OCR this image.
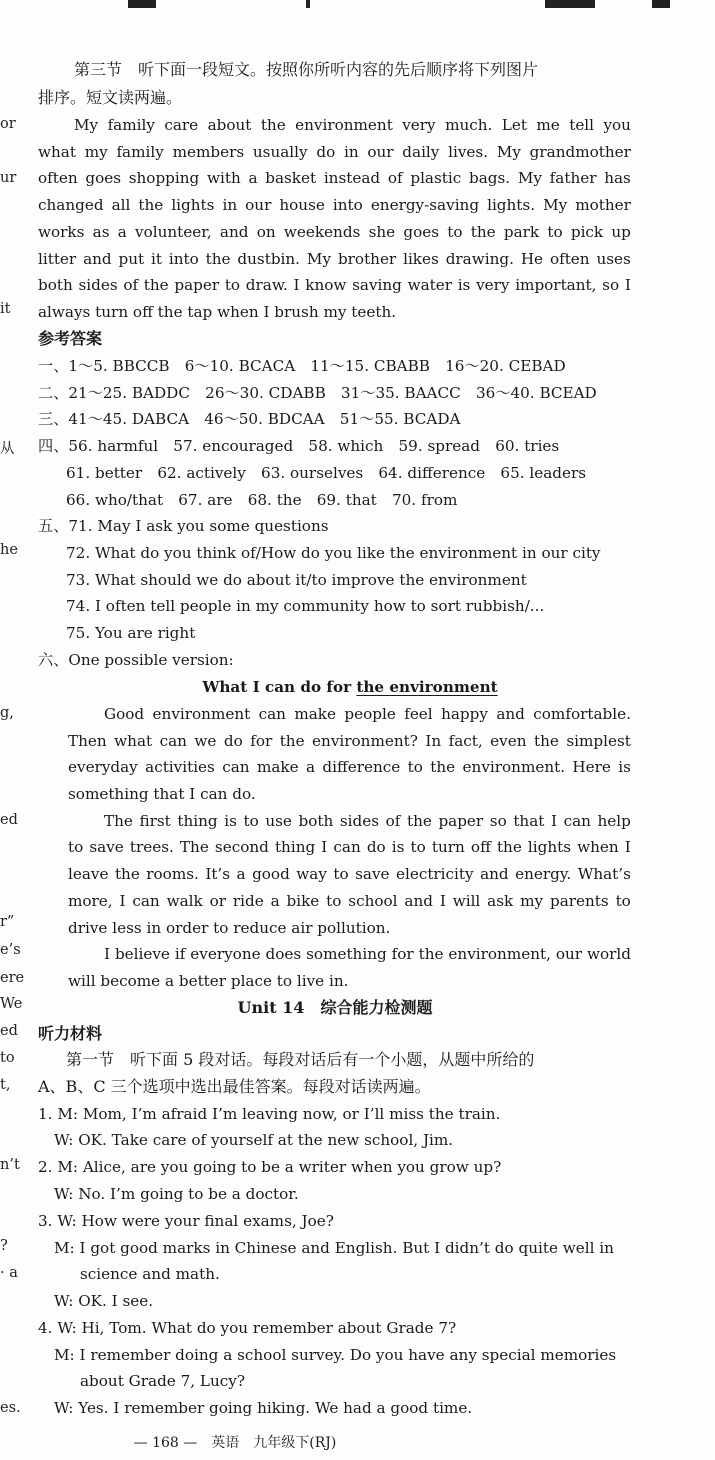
or
ur
it
从
he
g,
ed
r”
e’s
ere
We
ed
to
t,
n’t
?
· a
es.
第三节　听下面一段短文。按照你所听内容的先后顺序将下列图片
排序。短文读两遍。
My family care about the environment very much. Let me tell you
what my family members usually do in our daily lives. My grandmother
often goes shopping with a basket instead of plastic bags. My father has
changed all the lights in our house into energy-saving lights. My mother
works as a volunteer, and on weekends she goes to the park to pick up
litter and put it into the dustbin. My brother likes drawing. He often uses
both sides of the paper to draw. I know saving water is very important, so I
always turn off the tap when I brush my teeth.
参考答案
一、1～5. BBCCB　6～10. BCACA　11～15. CBABB　16～20. CEBAD
二、21～25. BADDC　26～30. CDABB　31～35. BAACC　36～40. BCEAD
三、41～45. DABCA　46～50. BDCAA　51～55. BCADA
四、56. harmful　57. encouraged　58. which　59. spread　60. tries
61. better　62. actively　63. ourselves　64. difference　65. leaders
66. who/that　67. are　68. the　69. that　70. from
五、71. May I ask you some questions
72. What do you think of/How do you like the environment in our city
73. What should we do about it/to improve the environment
74. I often tell people in my community how to sort rubbish/...
75. You are right
六、One possible version:
What I can do for the environment
Good environment can make people feel happy and comfortable.
Then what can we do for the environment? In fact, even the simplest
everyday activities can make a difference to the environment. Here is
something that I can do.
The first thing is to use both sides of the paper so that I can help
to save trees. The second thing I can do is to turn off the lights when I
leave the rooms. It’s a good way to save electricity and energy. What’s
more, I can walk or ride a bike to school and I will ask my parents to
drive less in order to reduce air pollution.
I believe if everyone does something for the environment, our world
will become a better place to live in.
Unit 14　综合能力检测题
听力材料
第一节　听下面 5 段对话。每段对话后有一个小题，从题中所给的
A、B、C 三个选项中选出最佳答案。每段对话读两遍。
1. M: Mom, I’m afraid I’m leaving now, or I’ll miss the train.
W: OK. Take care of yourself at the new school, Jim.
2. M: Alice, are you going to be a writer when you grow up?
W: No. I’m going to be a doctor.
3. W: How were your final exams, Joe?
M: I got good marks in Chinese and English. But I didn’t do quite well in
science and math.
W: OK. I see.
4. W: Hi, Tom. What do you remember about Grade 7?
M: I remember doing a school survey. Do you have any special memories
about Grade 7, Lucy?
W: Yes. I remember going hiking. We had a good time.
— 168 —　英语　九年级下(RJ)
